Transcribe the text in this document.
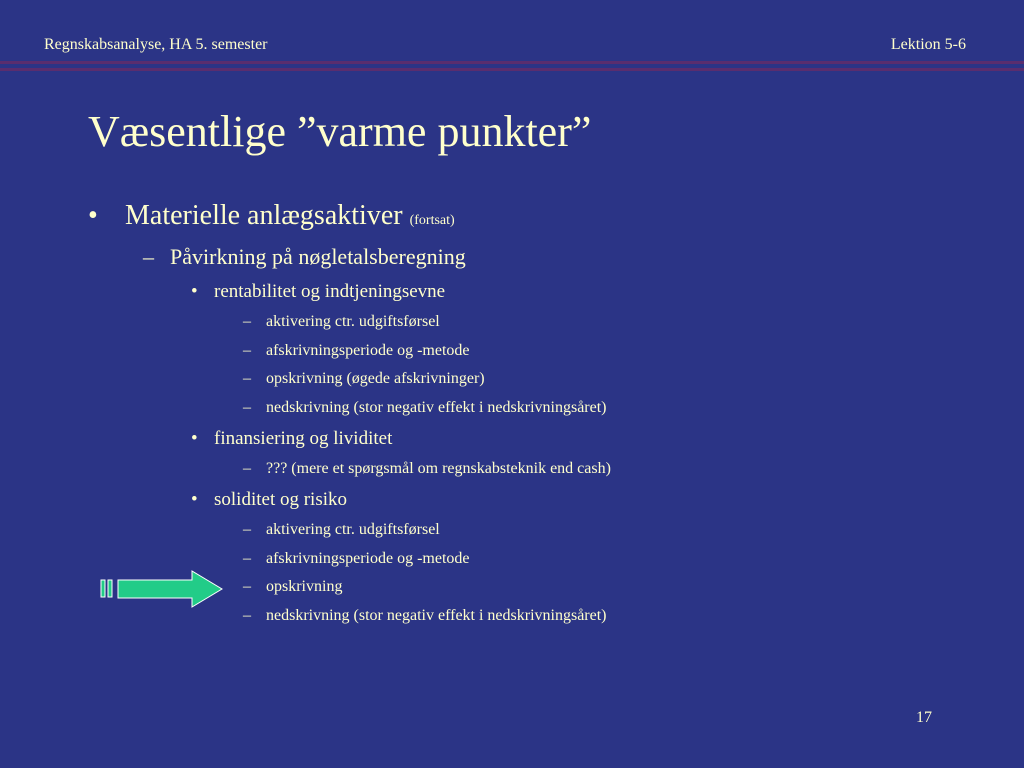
Regnskabsanalyse, HA 5. semester	Lektion 5-6
Væsentlige ”varme punkter”
• Materielle anlægsaktiver (fortsat)
– Påvirkning på nøgletalsberegning
• rentabilitet og indtjeningsevne
– aktivering ctr. udgiftsførsel
– afskrivningsperiode og -metode
– opskrivning (øgede afskrivninger)
– nedskrivning (stor negativ effekt i nedskrivningsåret)
• finansiering og lividitet
– ??? (mere et spørgsmål om regnskabsteknik end cash)
• soliditet og risiko
– aktivering ctr. udgiftsførsel
– afskrivningsperiode og -metode
– opskrivning
– nedskrivning (stor negativ effekt i nedskrivningsåret)
17
